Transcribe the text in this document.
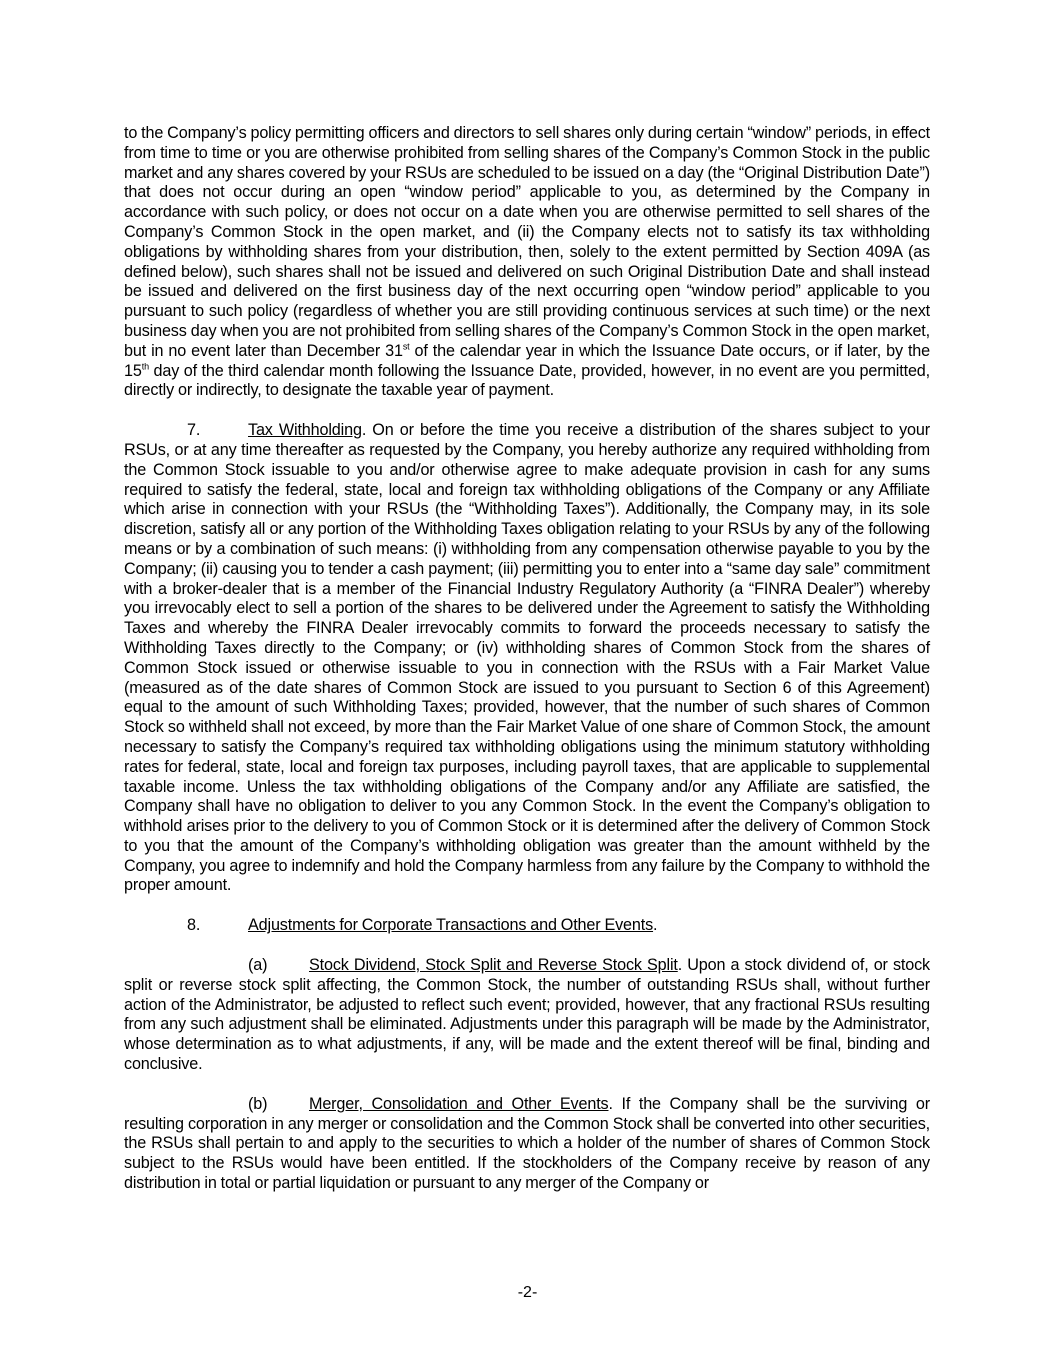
to the Company’s policy permitting officers and directors to sell shares only during certain “window” periods, in effect from time to time or you are otherwise prohibited from selling shares of the Company’s Common Stock in the public market and any shares covered by your RSUs are scheduled to be issued on a day (the “Original Distribution Date”) that does not occur during an open “window period” applicable to you, as determined by the Company in accordance with such policy, or does not occur on a date when you are otherwise permitted to sell shares of the Company’s Common Stock in the open market, and (ii) the Company elects not to satisfy its tax withholding obligations by withholding shares from your distribution, then, solely to the extent permitted by Section 409A (as defined below), such shares shall not be issued and delivered on such Original Distribution Date and shall instead be issued and delivered on the first business day of the next occurring open “window period” applicable to you pursuant to such policy (regardless of whether you are still providing continuous services at such time) or the next business day when you are not prohibited from selling shares of the Company’s Common Stock in the open market, but in no event later than December 31st of the calendar year in which the Issuance Date occurs, or if later, by the 15th day of the third calendar month following the Issuance Date, provided, however, in no event are you permitted, directly or indirectly, to designate the taxable year of payment.

7.	Tax Withholding. On or before the time you receive a distribution of the shares subject to your RSUs, or at any time thereafter as requested by the Company, you hereby authorize any required withholding from the Common Stock issuable to you and/or otherwise agree to make adequate provision in cash for any sums required to satisfy the federal, state, local and foreign tax withholding obligations of the Company or any Affiliate which arise in connection with your RSUs (the “Withholding Taxes”). Additionally, the Company may, in its sole discretion, satisfy all or any portion of the Withholding Taxes obligation relating to your RSUs by any of the following means or by a combination of such means: (i) withholding from any compensation otherwise payable to you by the Company; (ii) causing you to tender a cash payment; (iii) permitting you to enter into a “same day sale” commitment with a broker-dealer that is a member of the Financial Industry Regulatory Authority (a “FINRA Dealer”) whereby you irrevocably elect to sell a portion of the shares to be delivered under the Agreement to satisfy the Withholding Taxes and whereby the FINRA Dealer irrevocably commits to forward the proceeds necessary to satisfy the Withholding Taxes directly to the Company; or (iv) withholding shares of Common Stock from the shares of Common Stock issued or otherwise issuable to you in connection with the RSUs with a Fair Market Value (measured as of the date shares of Common Stock are issued to you pursuant to Section 6 of this Agreement) equal to the amount of such Withholding Taxes; provided, however, that the number of such shares of Common Stock so withheld shall not exceed, by more than the Fair Market Value of one share of Common Stock, the amount necessary to satisfy the Company’s required tax withholding obligations using the minimum statutory withholding rates for federal, state, local and foreign tax purposes, including payroll taxes, that are applicable to supplemental taxable income. Unless the tax withholding obligations of the Company and/or any Affiliate are satisfied, the Company shall have no obligation to deliver to you any Common Stock. In the event the Company’s obligation to withhold arises prior to the delivery to you of Common Stock or it is determined after the delivery of Common Stock to you that the amount of the Company’s withholding obligation was greater than the amount withheld by the Company, you agree to indemnify and hold the Company harmless from any failure by the Company to withhold the proper amount.

8.	Adjustments for Corporate Transactions and Other Events.

(a)	Stock Dividend, Stock Split and Reverse Stock Split. Upon a stock dividend of, or stock split or reverse stock split affecting, the Common Stock, the number of outstanding RSUs shall, without further action of the Administrator, be adjusted to reflect such event; provided, however, that any fractional RSUs resulting from any such adjustment shall be eliminated. Adjustments under this paragraph will be made by the Administrator, whose determination as to what adjustments, if any, will be made and the extent thereof will be final, binding and conclusive.

(b)	Merger, Consolidation and Other Events. If the Company shall be the surviving or resulting corporation in any merger or consolidation and the Common Stock shall be converted into other securities, the RSUs shall pertain to and apply to the securities to which a holder of the number of shares of Common Stock subject to the RSUs would have been entitled. If the stockholders of the Company receive by reason of any distribution in total or partial liquidation or pursuant to any merger of the Company or

-2-
